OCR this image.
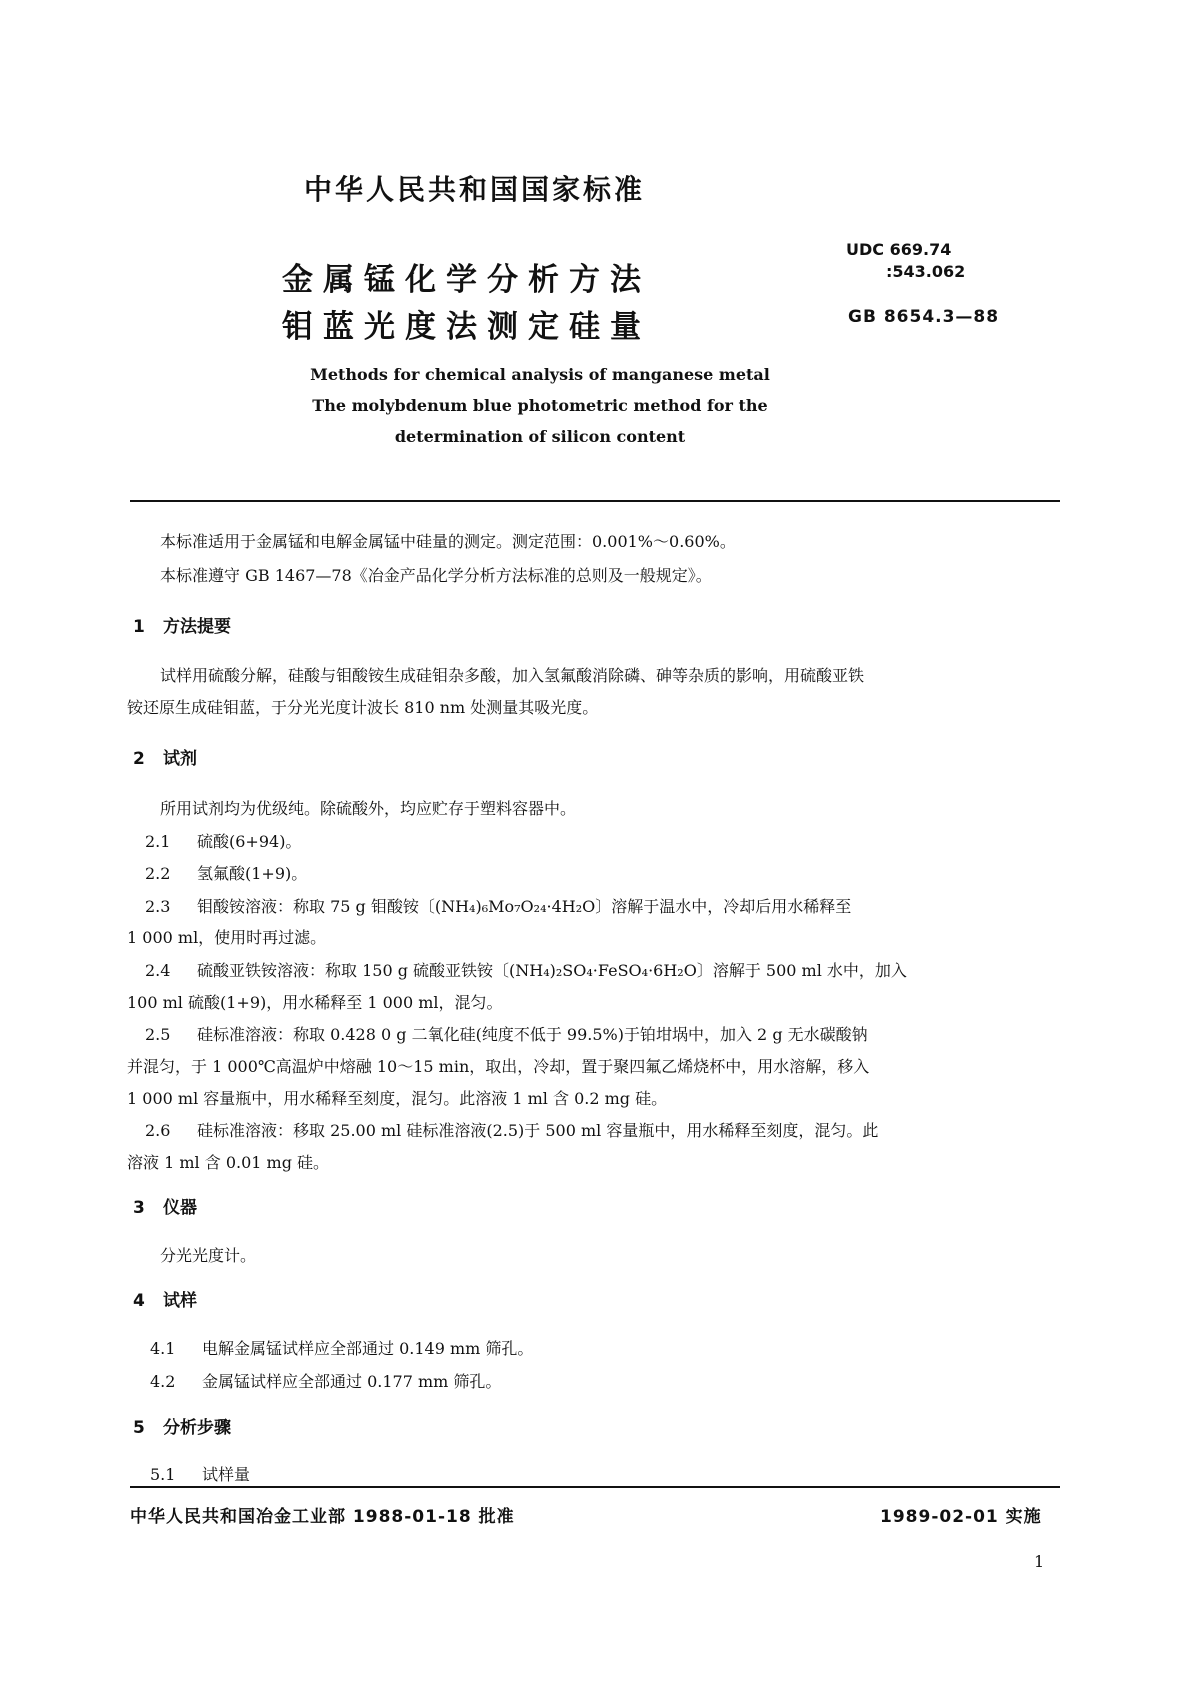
中华人民共和国国家标准
金属锰化学分析方法
钼蓝光度法测定硅量
UDC 669.74
:543.062
GB 8654.3—88
Methods for chemical analysis of manganese metal
The molybdenum blue photometric method for the
determination of silicon content
本标准适用于金属锰和电解金属锰中硅量的测定。测定范围：0.001%～0.60%。
本标准遵守 GB 1467—78《冶金产品化学分析方法标准的总则及一般规定》。
1 方法提要
试样用硫酸分解，硅酸与钼酸铵生成硅钼杂多酸，加入氢氟酸消除磷、砷等杂质的影响，用硫酸亚铁
铵还原生成硅钼蓝，于分光光度计波长 810 nm 处测量其吸光度。
2 试剂
所用试剂均为优级纯。除硫酸外，均应贮存于塑料容器中。
2.1 硫酸(6+94)。
2.2 氢氟酸(1+9)。
2.3 钼酸铵溶液：称取 75 g 钼酸铵〔(NH₄)₆Mo₇O₂₄·4H₂O〕溶解于温水中，冷却后用水稀释至
1 000 ml，使用时再过滤。
2.4 硫酸亚铁铵溶液：称取 150 g 硫酸亚铁铵〔(NH₄)₂SO₄·FeSO₄·6H₂O〕溶解于 500 ml 水中，加入
100 ml 硫酸(1+9)，用水稀释至 1 000 ml，混匀。
2.5 硅标准溶液：称取 0.428 0 g 二氧化硅(纯度不低于 99.5%)于铂坩埚中，加入 2 g 无水碳酸钠
并混匀，于 1 000℃高温炉中熔融 10～15 min，取出，冷却，置于聚四氟乙烯烧杯中，用水溶解，移入
1 000 ml 容量瓶中，用水稀释至刻度，混匀。此溶液 1 ml 含 0.2 mg 硅。
2.6 硅标准溶液：移取 25.00 ml 硅标准溶液(2.5)于 500 ml 容量瓶中，用水稀释至刻度，混匀。此
溶液 1 ml 含 0.01 mg 硅。
3 仪器
分光光度计。
4 试样
4.1 电解金属锰试样应全部通过 0.149 mm 筛孔。
4.2 金属锰试样应全部通过 0.177 mm 筛孔。
5 分析步骤
5.1 试样量
中华人民共和国冶金工业部 1988-01-18 批准	1989-02-01 实施
1
